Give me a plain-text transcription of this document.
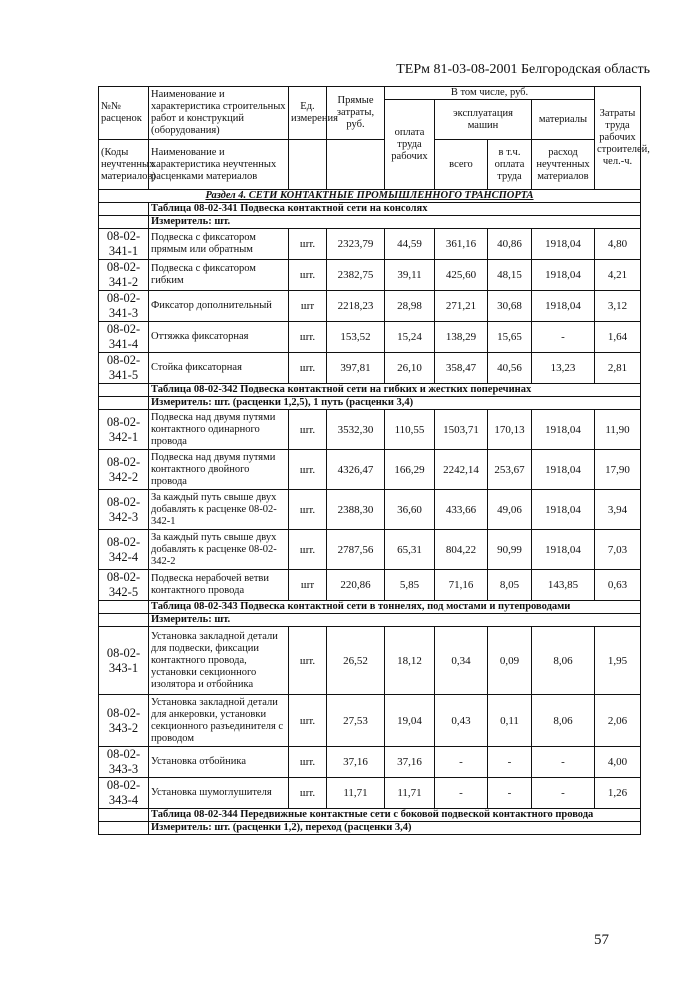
ТЕРм 81-03-08-2001 Белгородская область
№№ расценок	Наименование и характеристика строительных работ и конструкций (оборудования)	Ед. измерения	Прямые затраты, руб.	В том числе, руб.				Затраты труда рабочих строителей, чел.-ч.
				оплата труда рабочих	эксплуатация машин		материалы	
(Коды неучтенных материалов)	Наименование и характеристика неучтенных расценками материалов				всего	в т.ч. оплата труда	расход неучтенных материалов	
Раздел 4. СЕТИ КОНТАКТНЫЕ ПРОМЫШЛЕННОГО ТРАНСПОРТА								
	Таблица 08-02-341 Подвеска контактной сети на консолях							
	Измеритель: шт.							
08-02-341-1	Подвеска с фиксатором прямым или обратным	шт.	2323,79	44,59	361,16	40,86	1918,04	4,80
08-02-341-2	Подвеска с фиксатором гибким	шт.	2382,75	39,11	425,60	48,15	1918,04	4,21
08-02-341-3	Фиксатор дополнительный	шт	2218,23	28,98	271,21	30,68	1918,04	3,12
08-02-341-4	Оттяжка фиксаторная	шт.	153,52	15,24	138,29	15,65	-	1,64
08-02-341-5	Стойка фиксаторная	шт.	397,81	26,10	358,47	40,56	13,23	2,81
	Таблица 08-02-342 Подвеска контактной сети на гибких и жестких поперечинах							
	Измеритель: шт. (расценки 1,2,5), 1 путь (расценки 3,4)							
08-02-342-1	Подвеска над двумя путями контактного одинарного провода	шт.	3532,30	110,55	1503,71	170,13	1918,04	11,90
08-02-342-2	Подвеска над двумя путями контактного двойного провода	шт.	4326,47	166,29	2242,14	253,67	1918,04	17,90
08-02-342-3	За каждый путь свыше двух добавлять к расценке 08-02-342-1	шт.	2388,30	36,60	433,66	49,06	1918,04	3,94
08-02-342-4	За каждый путь свыше двух добавлять к расценке 08-02-342-2	шт.	2787,56	65,31	804,22	90,99	1918,04	7,03
08-02-342-5	Подвеска нерабочей ветви контактного провода	шт	220,86	5,85	71,16	8,05	143,85	0,63
	Таблица 08-02-343 Подвеска контактной сети в тоннелях, под мостами и путепроводами							
	Измеритель: шт.							
08-02-343-1	Установка закладной детали для подвески, фиксации контактного провода, установки секционного изолятора и отбойника	шт.	26,52	18,12	0,34	0,09	8,06	1,95
08-02-343-2	Установка закладной детали для анкеровки, установки секционного разъединителя с проводом	шт.	27,53	19,04	0,43	0,11	8,06	2,06
08-02-343-3	Установка отбойника	шт.	37,16	37,16	-	-	-	4,00
08-02-343-4	Установка шумоглушителя	шт.	11,71	11,71	-	-	-	1,26
	Таблица 08-02-344 Передвижные контактные сети с боковой подвеской контактного провода							
	Измеритель: шт. (расценки 1,2), переход (расценки 3,4)							
57
